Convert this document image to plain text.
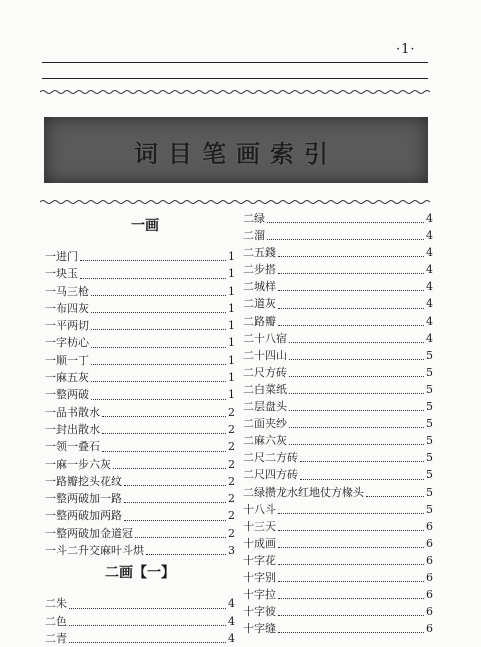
·1·
词目笔画索引
一画
一进门	1
一块玉	1
一马三枪	1
一布四灰	1
一平两切	1
一字枋心	1
一顺一丁	1
一麻五灰	1
一整两破	1
一品书散水	2
一封出散水	2
一领一叠石	2
一麻一步六灰	2
一路瓣挖头花纹	2
一整两破加一路	2
一整两破加两路	2
一整两破加金道冠	2
一斗二升交麻叶斗烘	3
二画【一】
二朱	4
二色	4
二青	4
二绿	4
二溜	4
二五錢	4
二步搭	4
二城样	4
二道灰	4
二路瓣	4
二十八宿	4
二十四山	5
二尺方砖	5
二白菜纸	5
二层盘头	5
二面夹纱	5
二麻六灰	5
二尺二方砖	5
二尺四方砖	5
二绿攒龙水红地仗方椽头	5
十八斗	5
十三天	6
十成画	6
十字花	6
十字别	6
十字拉	6
十字彼	6
十字缝	6
